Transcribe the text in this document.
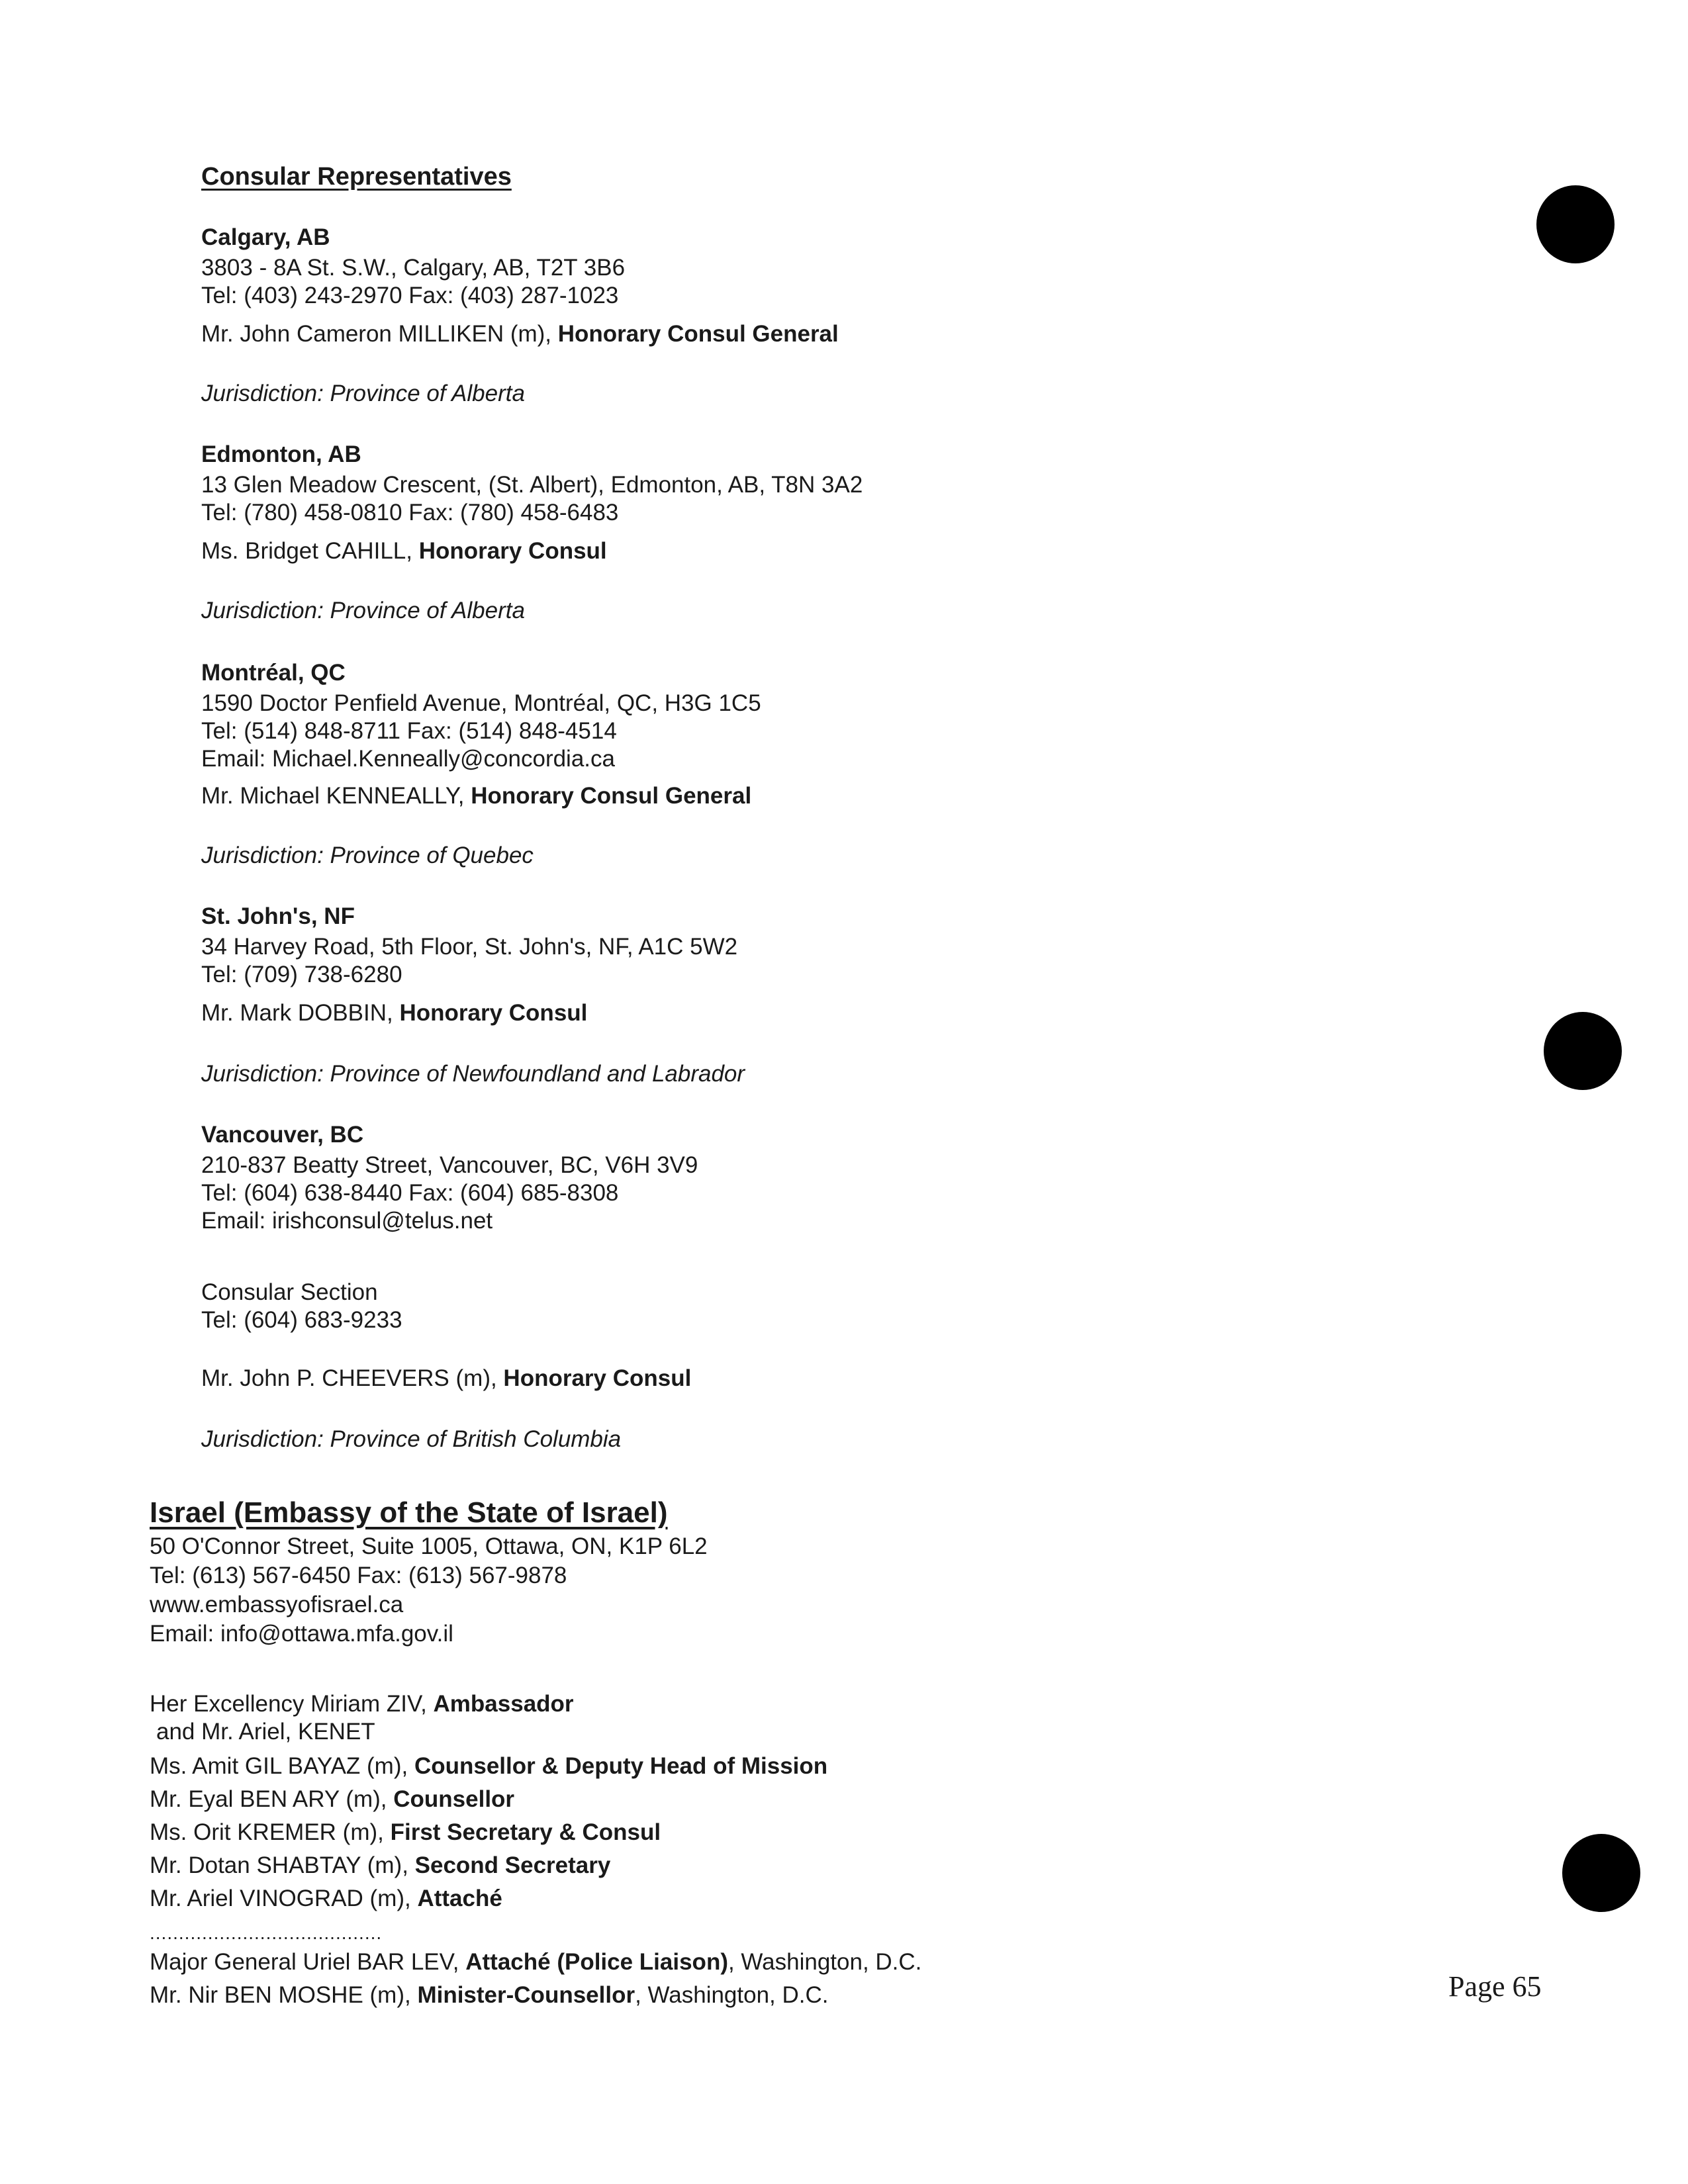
Consular Representatives
Calgary, AB
3803 - 8A St. S.W., Calgary, AB, T2T 3B6
Tel: (403) 243-2970 Fax: (403) 287-1023
Mr. John Cameron MILLIKEN (m), Honorary Consul General
Jurisdiction: Province of Alberta
Edmonton, AB
13 Glen Meadow Crescent, (St. Albert), Edmonton, AB, T8N 3A2
Tel: (780) 458-0810 Fax: (780) 458-6483
Ms. Bridget CAHILL, Honorary Consul
Jurisdiction: Province of Alberta
Montréal, QC
1590 Doctor Penfield Avenue, Montréal, QC, H3G 1C5
Tel: (514) 848-8711 Fax: (514) 848-4514
Email: Michael.Kenneally@concordia.ca
Mr. Michael KENNEALLY, Honorary Consul General
Jurisdiction: Province of Quebec
St. John's, NF
34 Harvey Road, 5th Floor, St. John's, NF, A1C 5W2
Tel: (709) 738-6280
Mr. Mark DOBBIN, Honorary Consul
Jurisdiction: Province of Newfoundland and Labrador
Vancouver, BC
210-837 Beatty Street, Vancouver, BC, V6H 3V9
Tel: (604) 638-8440 Fax: (604) 685-8308
Email: irishconsul@telus.net
Consular Section
Tel: (604) 683-9233
Mr. John P. CHEEVERS (m), Honorary Consul
Jurisdiction: Province of British Columbia
Israel (Embassy of the State of Israel)
50 O'Connor Street, Suite 1005, Ottawa, ON, K1P 6L2
Tel: (613) 567-6450 Fax: (613) 567-9878
www.embassyofisrael.ca
Email: info@ottawa.mfa.gov.il
Her Excellency Miriam ZIV, Ambassador
and Mr. Ariel, KENET
Ms. Amit GIL BAYAZ (m), Counsellor & Deputy Head of Mission
Mr. Eyal BEN ARY (m), Counsellor
Ms. Orit KREMER (m), First Secretary & Consul
Mr. Dotan SHABTAY (m), Second Secretary
Mr. Ariel VINOGRAD (m), Attaché
........................................
Major General Uriel BAR LEV, Attaché (Police Liaison), Washington, D.C.
Mr. Nir BEN MOSHE (m), Minister-Counsellor, Washington, D.C.	Page 65
